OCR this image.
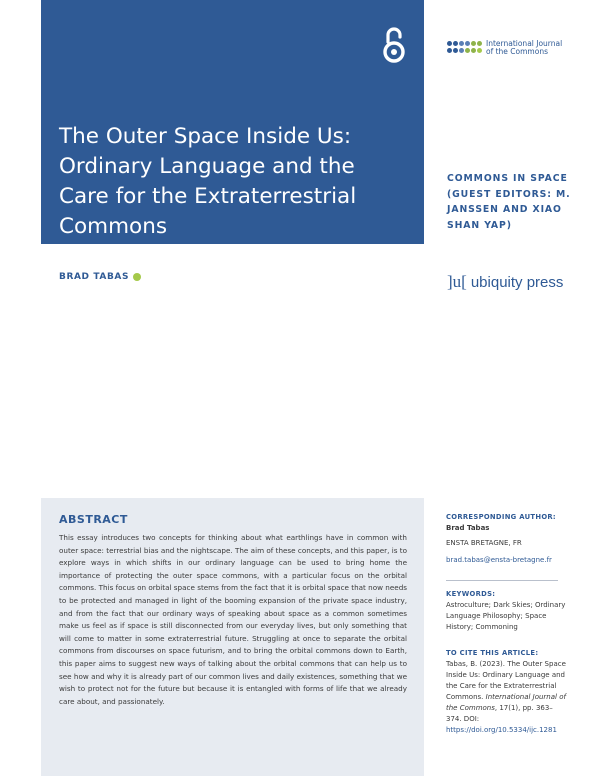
The Outer Space Inside Us: Ordinary Language and the Care for the Extraterrestrial Commons
International Journal of the Commons
COMMONS IN SPACE (GUEST EDITORS: M. JANSSEN AND XIAO SHAN YAP)
BRAD TABAS	]u[ ubiquity press
ABSTRACT
This essay introduces two concepts for thinking about what earthlings have in common with outer space: terrestrial bias and the nightscape. The aim of these concepts, and this paper, is to explore ways in which shifts in our ordinary language can be used to bring home the importance of protecting the outer space commons, with a particular focus on the orbital commons. This focus on orbital space stems from the fact that it is orbital space that now needs to be protected and managed in light of the booming expansion of the private space industry, and from the fact that our ordinary ways of speaking about space as a common sometimes make us feel as if space is still disconnected from our everyday lives, but only something that will come to matter in some extraterrestrial future. Struggling at once to separate the orbital commons from discourses on space futurism, and to bring the orbital commons down to Earth, this paper aims to suggest new ways of talking about the orbital commons that can help us to see how and why it is already part of our common lives and daily existences, something that we wish to protect not for the future but because it is entangled with forms of life that we already care about, and passionately.
CORRESPONDING AUTHOR:
Brad Tabas
ENSTA BRETAGNE, FR
brad.tabas@ensta-bretagne.fr
KEYWORDS:
Astroculture; Dark Skies; Ordinary Language Philosophy; Space History; Commoning
TO CITE THIS ARTICLE:
Tabas, B. (2023). The Outer Space Inside Us: Ordinary Language and the Care for the Extraterrestrial Commons. International Journal of the Commons, 17(1), pp. 363–374. DOI: https://doi.org/10.5334/ijc.1281
